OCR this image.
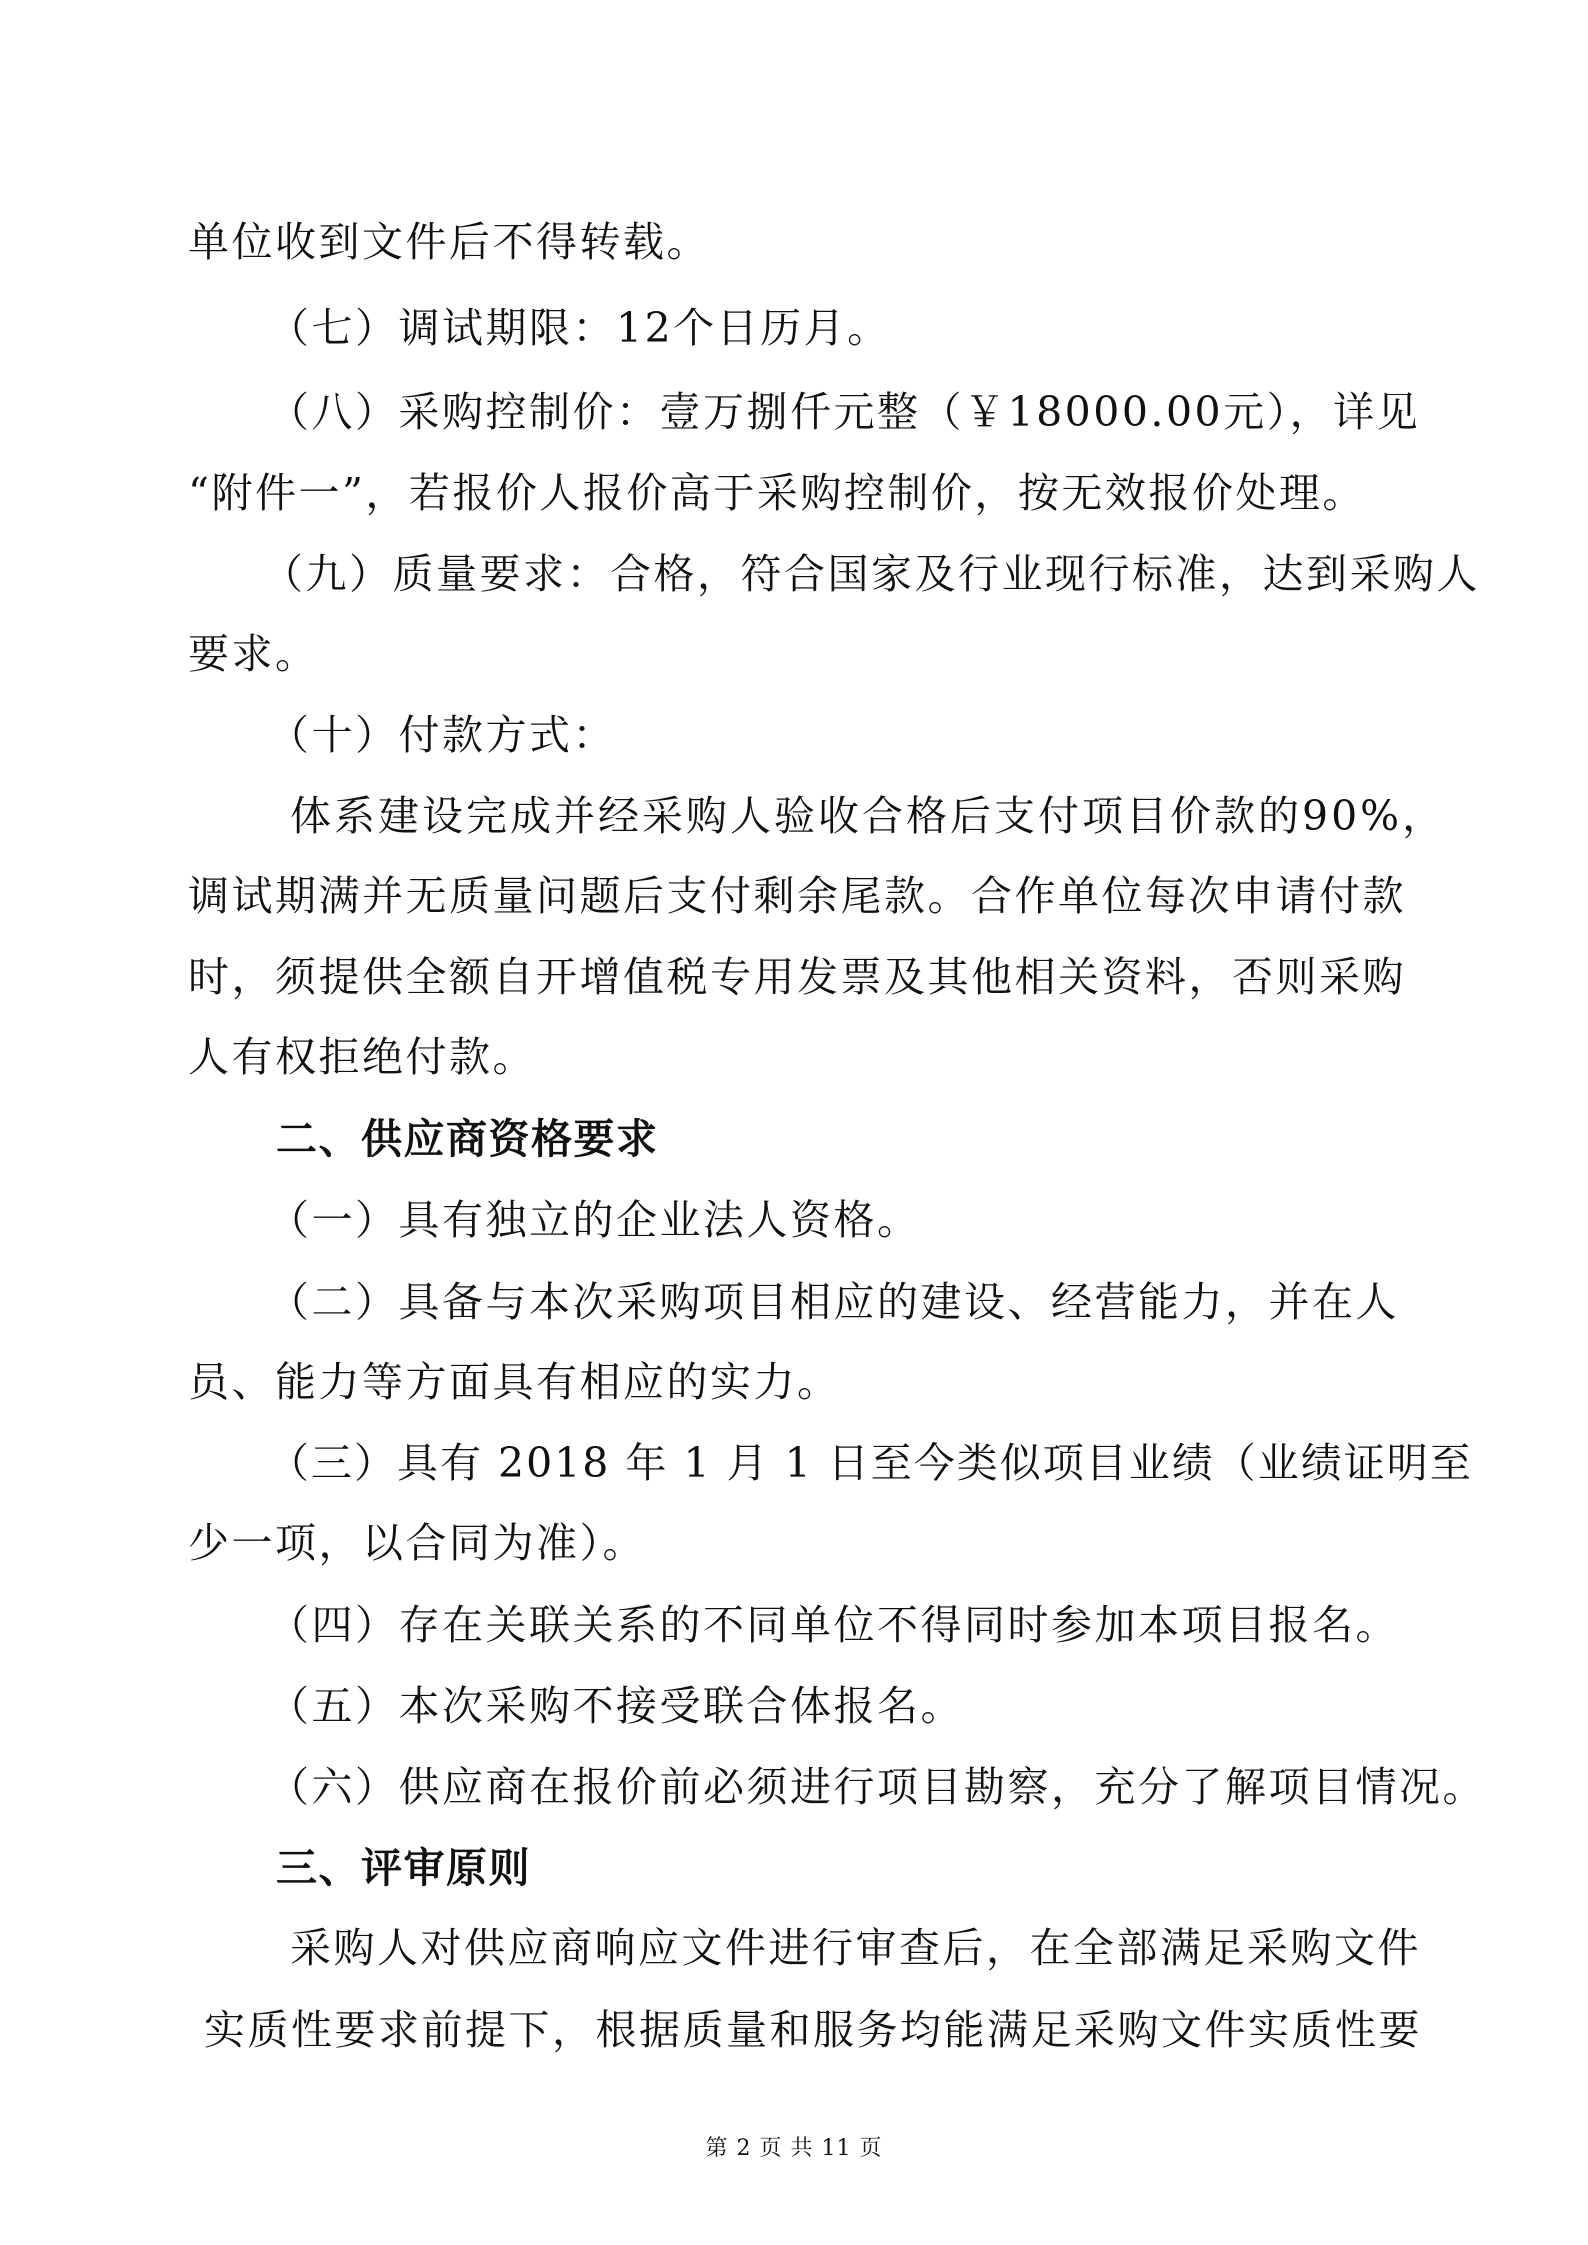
单位收到文件后不得转载。
（七）调试期限：12个日历月。
（八）采购控制价：壹万捌仟元整（￥18000.00元），详见
“附件一”，若报价人报价高于采购控制价，按无效报价处理。
（九）质量要求：合格，符合国家及行业现行标准，达到采购人
要求。
（十）付款方式：
体系建设完成并经采购人验收合格后支付项目价款的90%，
调试期满并无质量问题后支付剩余尾款。合作单位每次申请付款
时，须提供全额自开增值税专用发票及其他相关资料，否则采购
人有权拒绝付款。
二、供应商资格要求
（一）具有独立的企业法人资格。
（二）具备与本次采购项目相应的建设、经营能力，并在人
员、能力等方面具有相应的实力。
（三）具有 2018 年 1 月 1 日至今类似项目业绩（业绩证明至
少一项，以合同为准）。
（四）存在关联关系的不同单位不得同时参加本项目报名。
（五）本次采购不接受联合体报名。
（六）供应商在报价前必须进行项目勘察，充分了解项目情况。
三、评审原则
采购人对供应商响应文件进行审查后，在全部满足采购文件
实质性要求前提下，根据质量和服务均能满足采购文件实质性要
第 2 页 共 11 页
